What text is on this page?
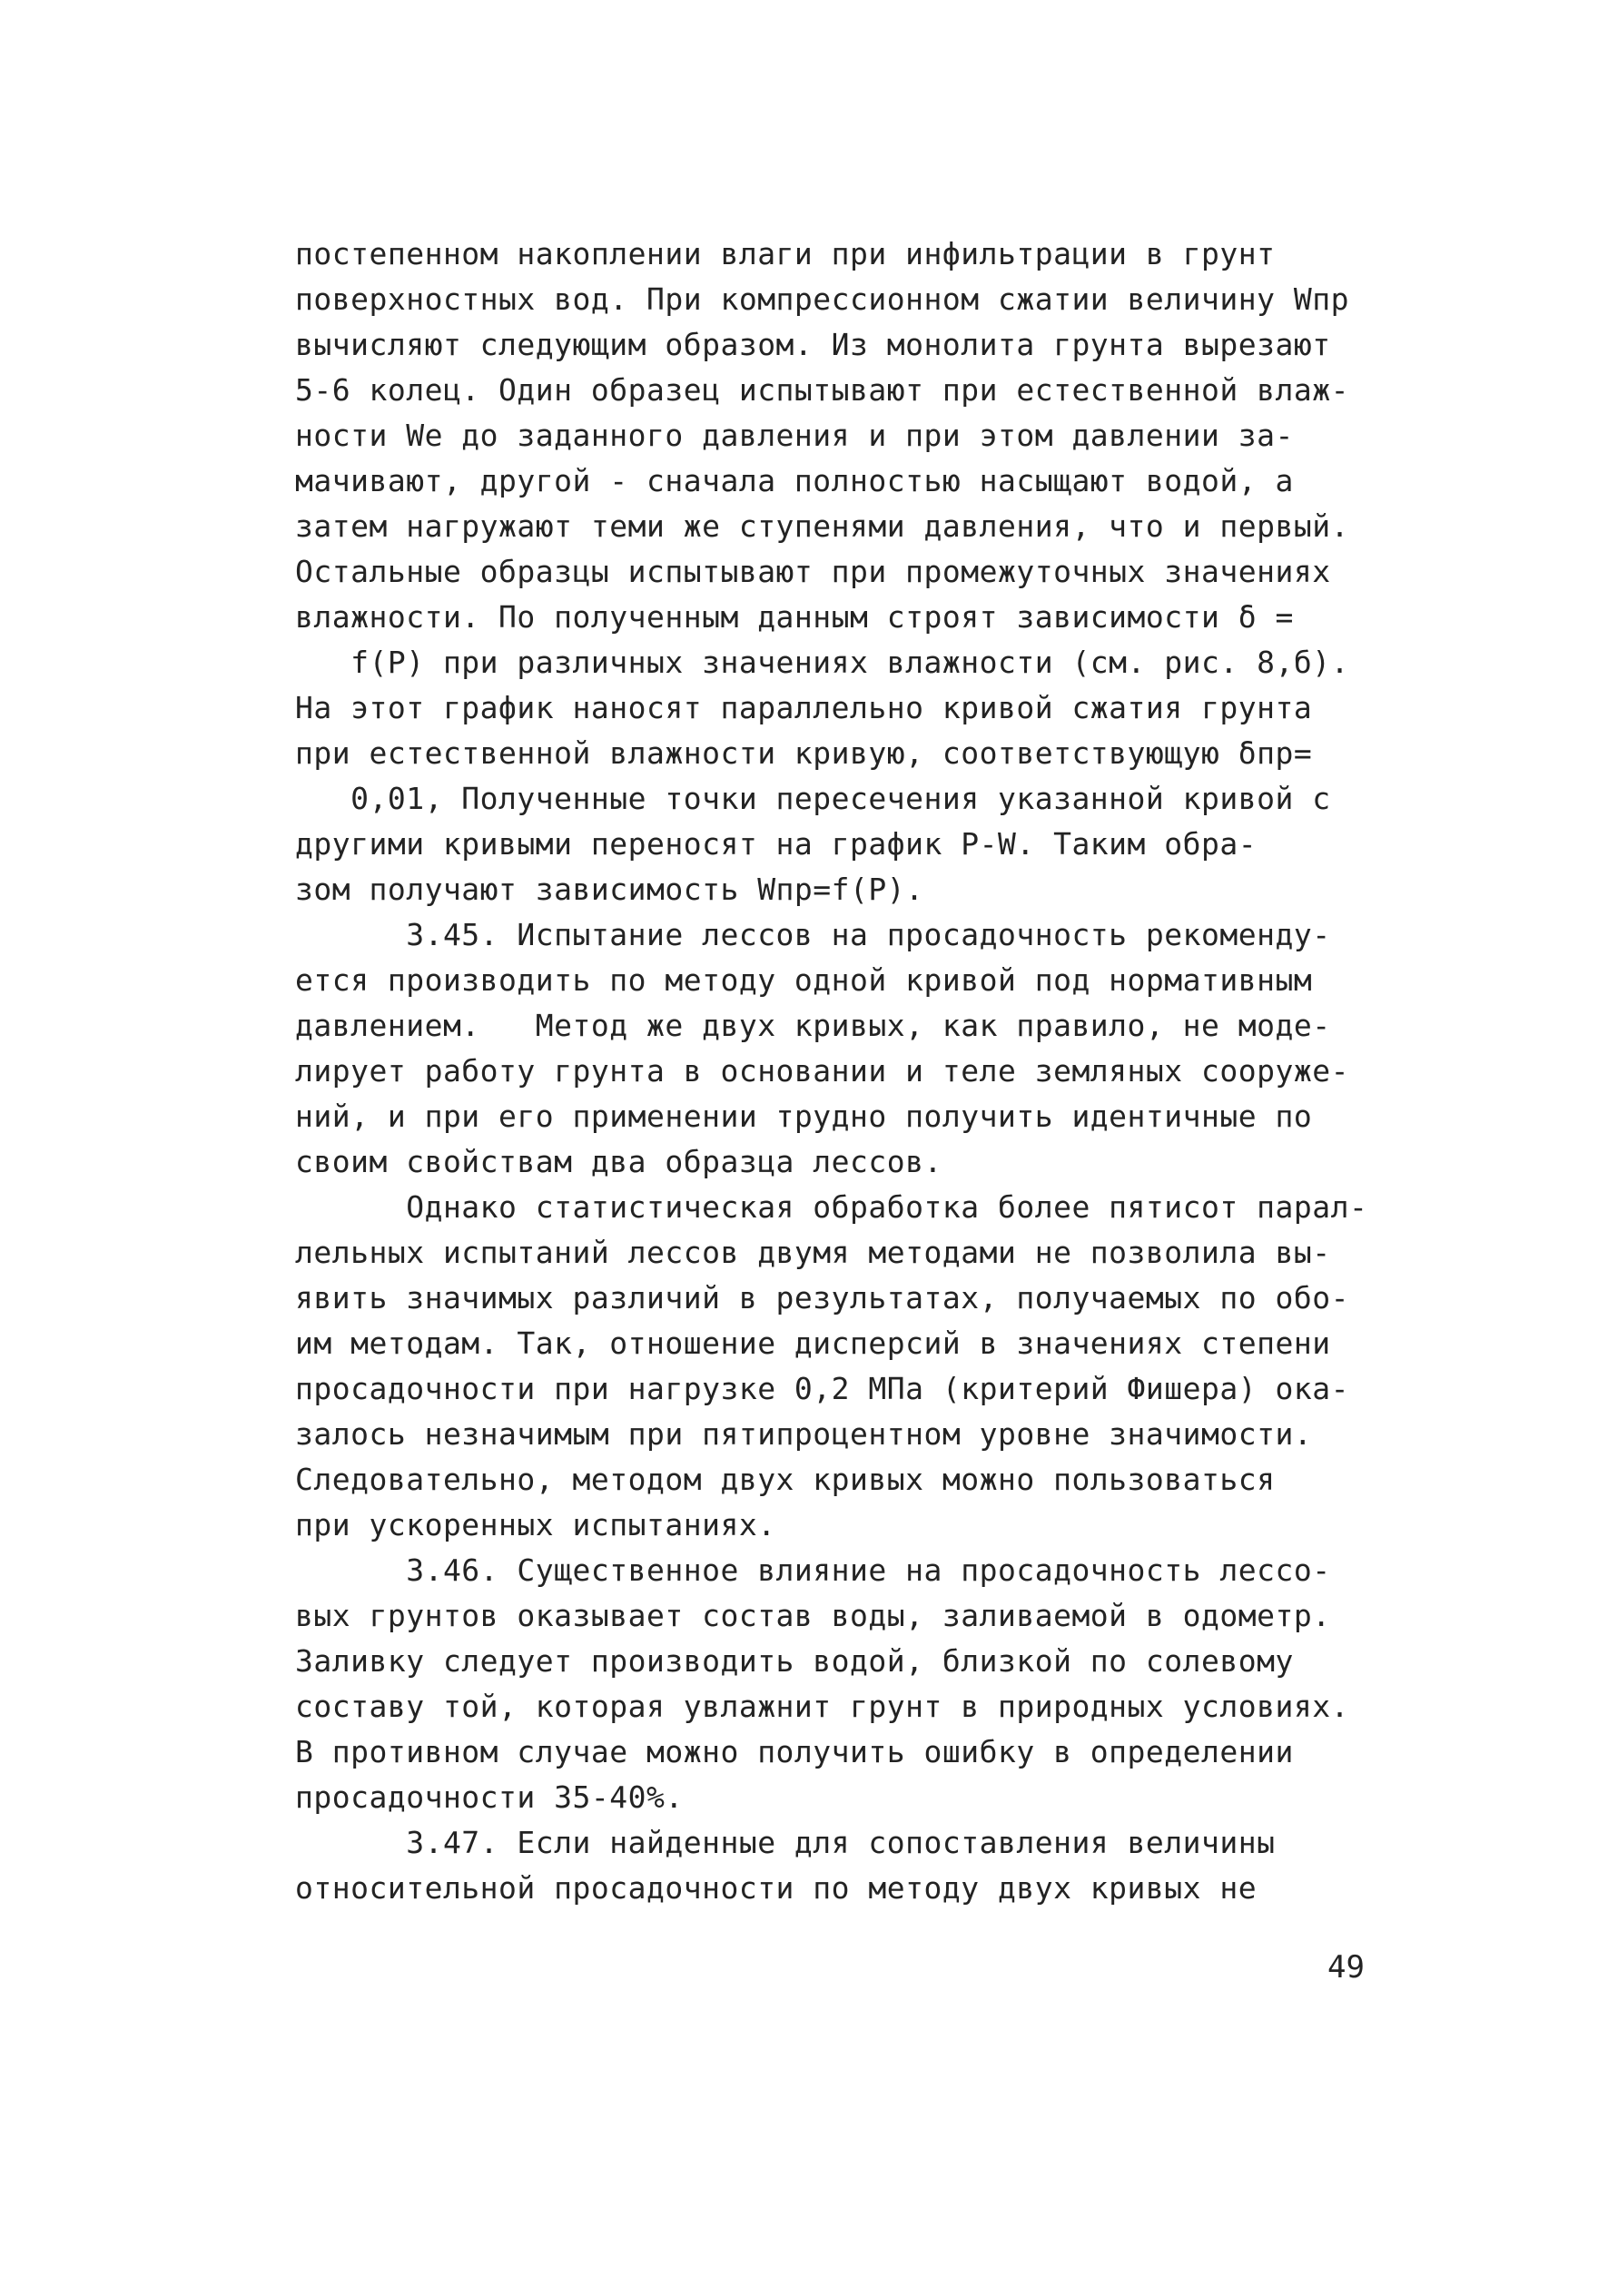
постепенном накоплении влаги при инфильтрации в грунт
поверхностных вод. При компрессионном сжатии величину Wпр
вычисляют следующим образом. Из монолита грунта вырезают
5-6 колец. Один образец испытывают при естественной влаж-
ности Wе до заданного давления и при этом давлении за-
мачивают, другой - сначала полностью насыщают водой, а
затем нагружают теми же ступенями давления, что и первый.
Остальные образцы испытывают при промежуточных значениях
влажности. По полученным данным строят зависимости δ =
f(P) при различных значениях влажности (см. рис. 8,б).
На этот график наносят параллельно кривой сжатия грунта
при естественной влажности кривую, соответствующую δпр=
0,01, Полученные точки пересечения указанной кривой с
другими кривыми переносят на график P-W. Таким обра-
зом получают зависимость Wпр=f(P).
3.45. Испытание лессов на просадочность рекоменду-
ется производить по методу одной кривой под нормативным
давлением.   Метод же двух кривых, как правило, не моде-
лирует работу грунта в основании и теле земляных сооруже-
ний, и при его применении трудно получить идентичные по
своим свойствам два образца лессов.
Однако статистическая обработка более пятисот парал-
лельных испытаний лессов двумя методами не позволила вы-
явить значимых различий в результатах, получаемых по обо-
им методам. Так, отношение дисперсий в значениях степени
просадочности при нагрузке 0,2 МПа (критерий Фишера) ока-
залось незначимым при пятипроцентном уровне значимости.
Следовательно, методом двух кривых можно пользоваться
при ускоренных испытаниях.
3.46. Существенное влияние на просадочность лессо-
вых грунтов оказывает состав воды, заливаемой в одометр.
Заливку следует производить водой, близкой по солевому
составу той, которая увлажнит грунт в природных условиях.
В противном случае можно получить ошибку в определении
просадочности 35-40%.
3.47. Если найденные для сопоставления величины
относительной просадочности по методу двух кривых не
49
